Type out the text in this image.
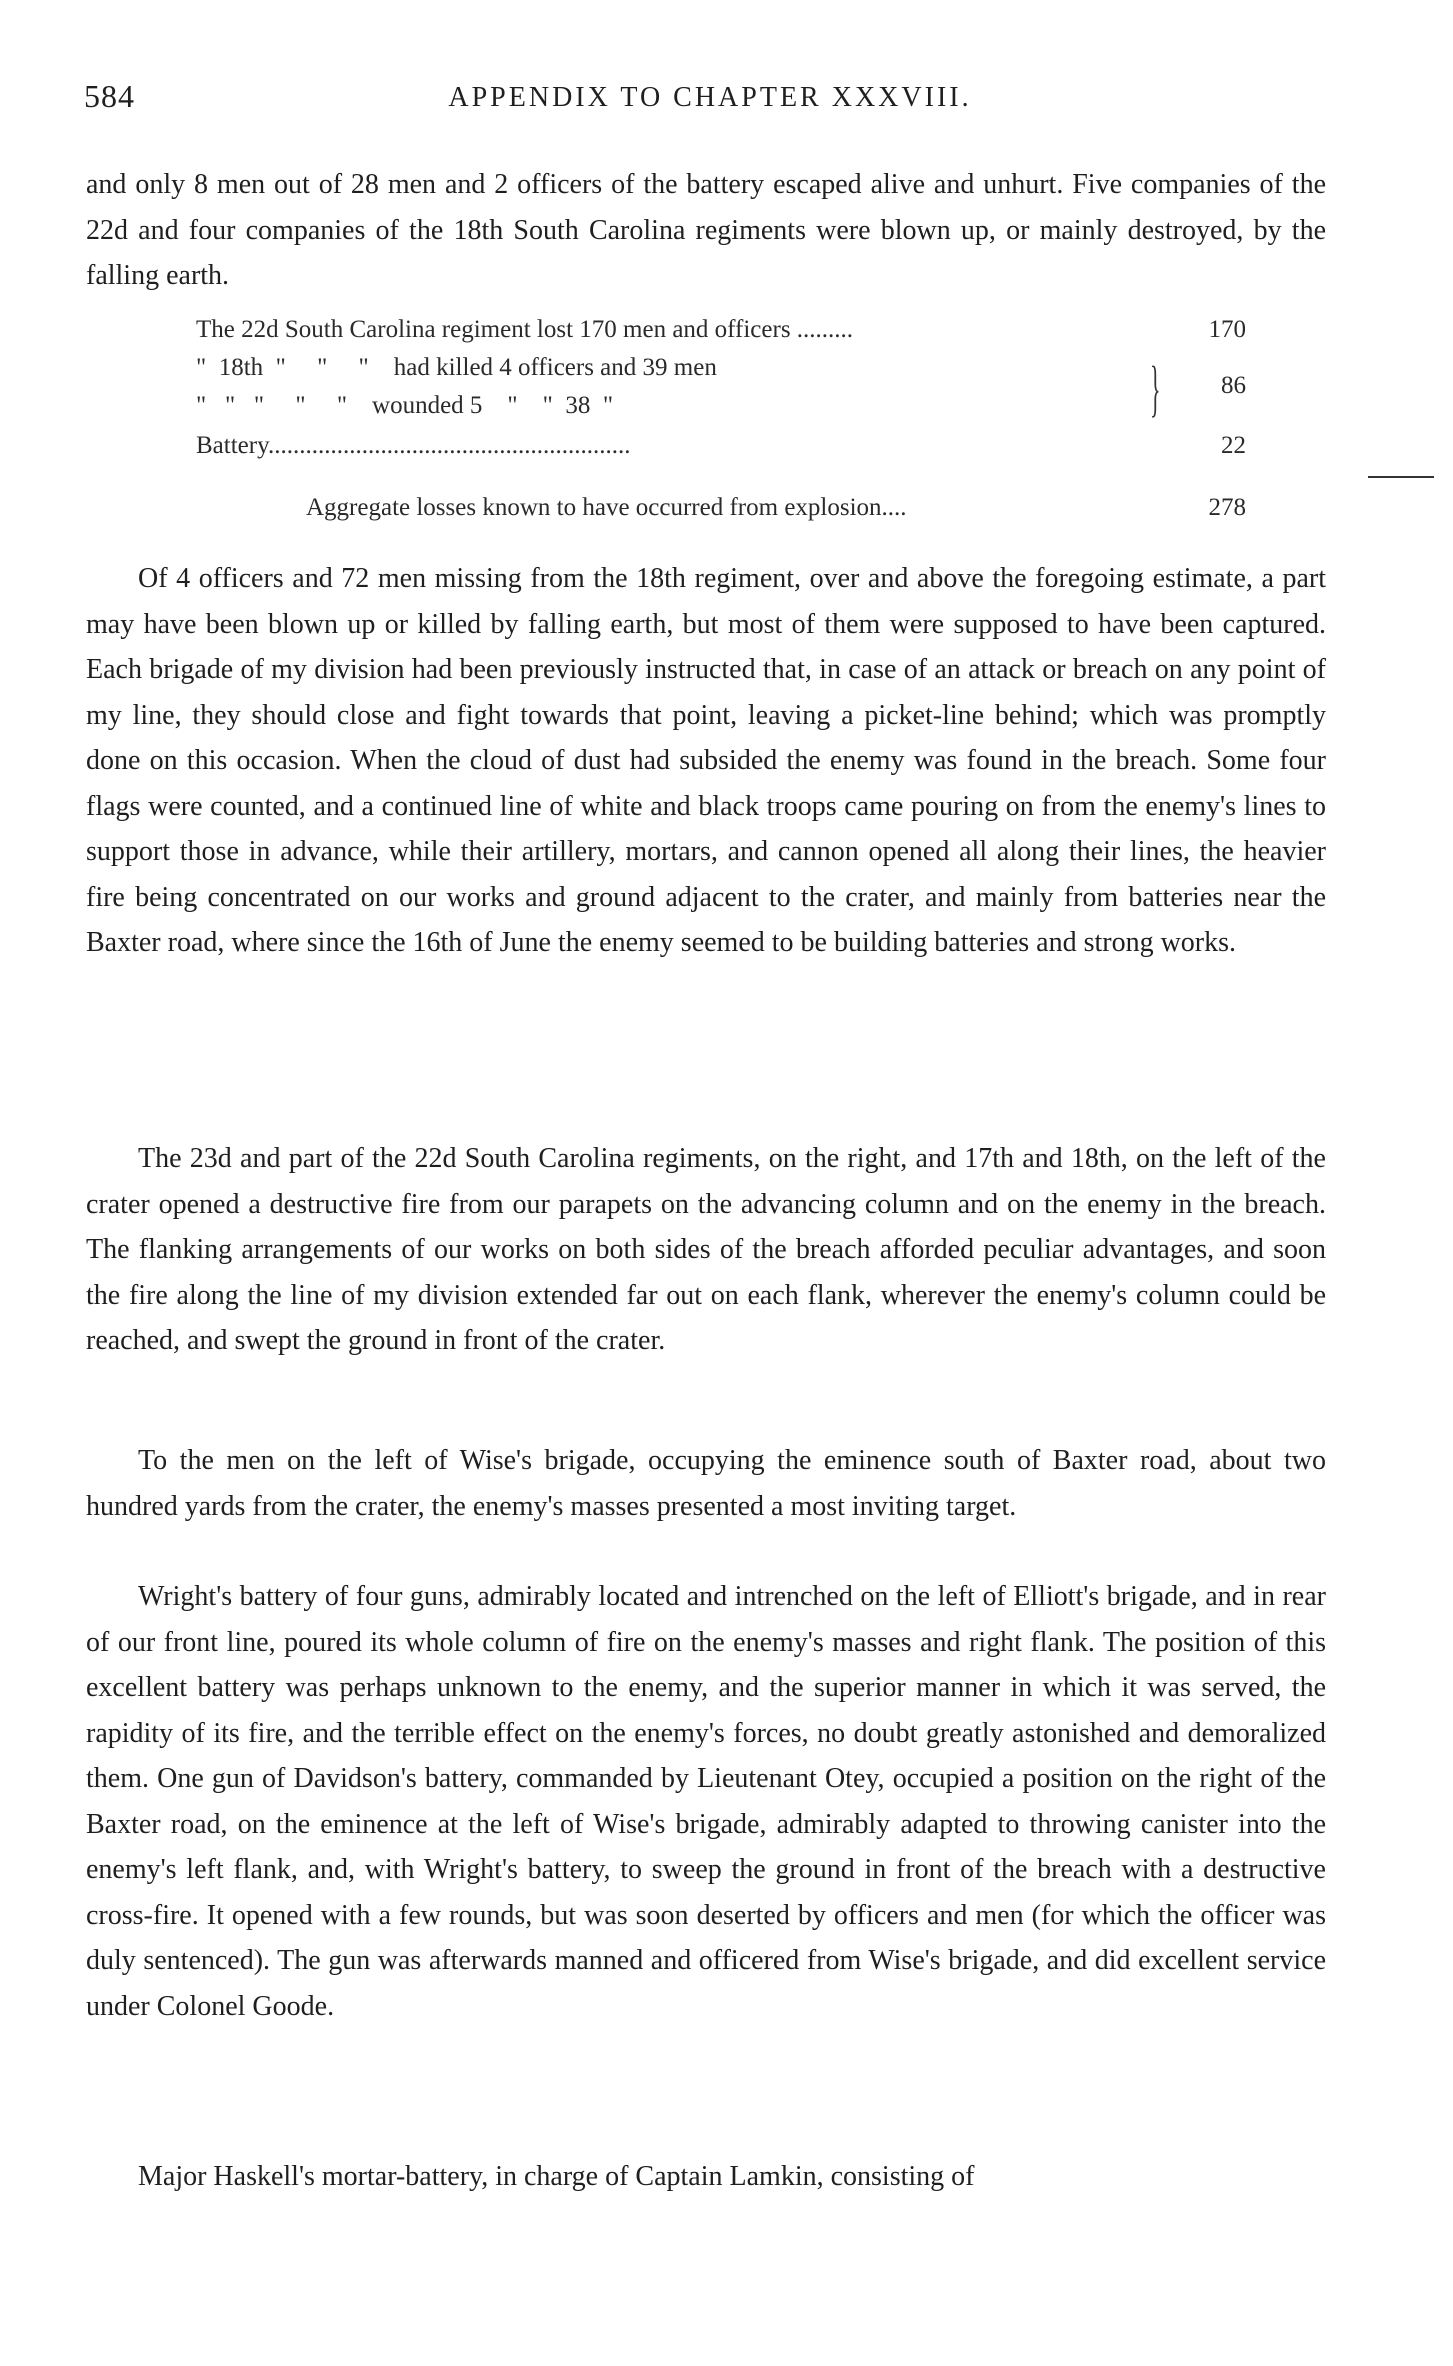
584	APPENDIX TO CHAPTER XXXVIII.

and only 8 men out of 28 men and 2 officers of the battery escaped alive and unhurt. Five companies of the 22d and four companies of the 18th South Carolina regiments were blown up, or mainly destroyed, by the falling earth.

The 22d South Carolina regiment lost 170 men and officers .........	170
"  18th  "     "     "    had killed 4 officers and 39 men
"   "   "     "     "    wounded 5    "    "  38  "	} 86
Battery..........................................................	22
Aggregate losses known to have occurred from explosion....	278

Of 4 officers and 72 men missing from the 18th regiment, over and above the foregoing estimate, a part may have been blown up or killed by falling earth, but most of them were supposed to have been captured. Each brigade of my division had been previously instructed that, in case of an attack or breach on any point of my line, they should close and fight towards that point, leaving a picket-line behind; which was promptly done on this occasion. When the cloud of dust had subsided the enemy was found in the breach. Some four flags were counted, and a continued line of white and black troops came pouring on from the enemy's lines to support those in advance, while their artillery, mortars, and cannon opened all along their lines, the heavier fire being concentrated on our works and ground adjacent to the crater, and mainly from batteries near the Baxter road, where since the 16th of June the enemy seemed to be building batteries and strong works.

The 23d and part of the 22d South Carolina regiments, on the right, and 17th and 18th, on the left of the crater opened a destructive fire from our parapets on the advancing column and on the enemy in the breach. The flanking arrangements of our works on both sides of the breach afforded peculiar advantages, and soon the fire along the line of my division extended far out on each flank, wherever the enemy's column could be reached, and swept the ground in front of the crater.

To the men on the left of Wise's brigade, occupying the eminence south of Baxter road, about two hundred yards from the crater, the enemy's masses presented a most inviting target.

Wright's battery of four guns, admirably located and intrenched on the left of Elliott's brigade, and in rear of our front line, poured its whole column of fire on the enemy's masses and right flank. The position of this excellent battery was perhaps unknown to the enemy, and the superior manner in which it was served, the rapidity of its fire, and the terrible effect on the enemy's forces, no doubt greatly astonished and demoralized them. One gun of Davidson's battery, commanded by Lieutenant Otey, occupied a position on the right of the Baxter road, on the eminence at the left of Wise's brigade, admirably adapted to throwing canister into the enemy's left flank, and, with Wright's battery, to sweep the ground in front of the breach with a destructive cross-fire. It opened with a few rounds, but was soon deserted by officers and men (for which the officer was duly sentenced). The gun was afterwards manned and officered from Wise's brigade, and did excellent service under Colonel Goode.

Major Haskell's mortar-battery, in charge of Captain Lamkin, consisting of
